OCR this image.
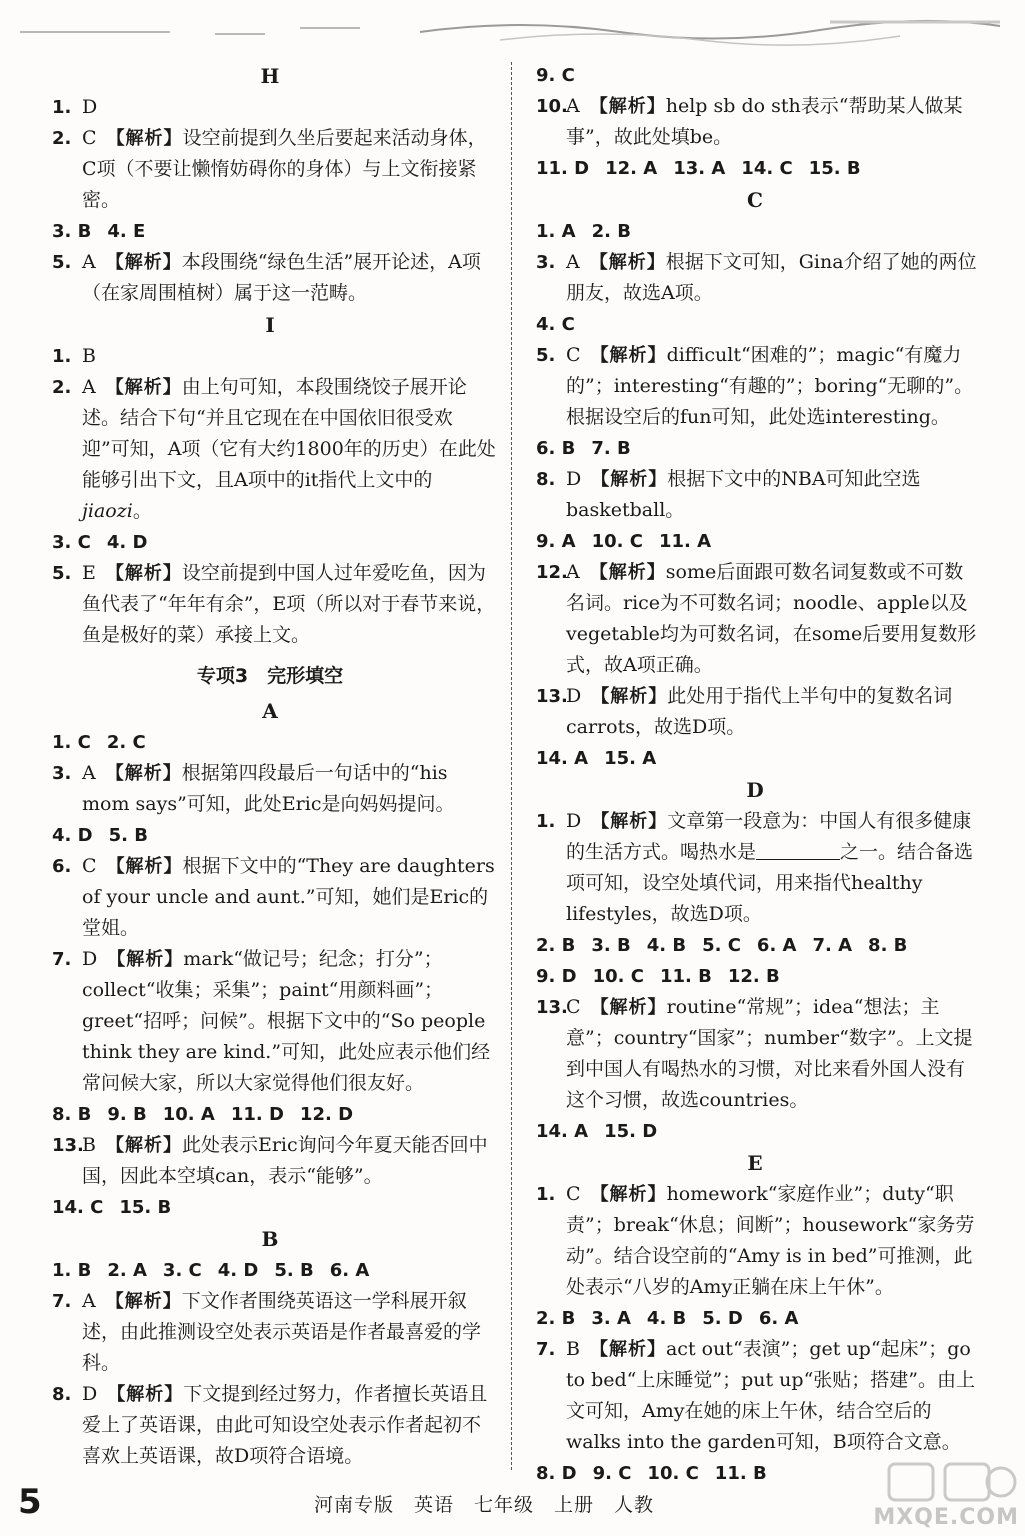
H

1. D

2. C　 【解析】设空前提到久坐后要起来活动身体，C项（不要让懒惰妨碍你的身体）与上文衔接紧密。

3. B 4. E

5. A　 【解析】本段围绕“绿色生活”展开论述，A项（在家周围植树）属于这一范畴。

I

1. B

2. A　 【解析】由上句可知，本段围绕饺子展开论述。结合下句“并且它现在在中国依旧很受欢迎”可知，A项（它有大约1800年的历史）在此处能够引出下文，且A项中的it指代上文中的jiaozi。

3. C 4. D

5. E　 【解析】设空前提到中国人过年爱吃鱼，因为鱼代表了“年年有余”，E项（所以对于春节来说，鱼是极好的菜）承接上文。

专项3　完形填空

A

1. C 2. C

3. A　 【解析】根据第四段最后一句话中的“his mom says”可知，此处Eric是向妈妈提问。

4. D 5. B

6. C　 【解析】根据下文中的“They are daughters of your uncle and aunt.”可知，她们是Eric的堂姐。

7. D　 【解析】mark“做记号；纪念；打分”；collect“收集；采集”；paint“用颜料画”；greet“招呼；问候”。根据下文中的“So people think they are kind.”可知，此处应表示他们经常问候大家，所以大家觉得他们很友好。

8. B 9. B 10. A 11. D 12. D

13.
B　 【解析】此处表示Eric询问今年夏天能否回中国，因此本空填can，表示“能够”。

14. C 15. B

B

1. B 2. A 3. C 4. D 5. B 6. A

7. A　 【解析】下文作者围绕英语这一学科展开叙述，由此推测设空处表示英语是作者最喜爱的学科。

8. D　 【解析】下文提到经过努力，作者擅长英语且爱上了英语课，由此可知设空处表示作者起初不喜欢上英语课，故D项符合语境。

9. C

10.
A　 【解析】help sb do sth表示“帮助某人做某事”，故此处填be。

11. D 12. A 13. A 14. C 15. B

C

1. A 2. B

3. A　 【解析】根据下文可知，Gina介绍了她的两位朋友，故选A项。

4. C

5. C　 【解析】difficult“困难的”；magic“有魔力的”；interesting“有趣的”；boring“无聊的”。根据设空后的fun可知，此处选interesting。

6. B 7. B

8. D　 【解析】根据下文中的NBA可知此空选basketball。

9. A 10. C 11. A

12.
A　 【解析】some后面跟可数名词复数或不可数名词。rice为不可数名词；noodle、apple以及vegetable均为可数名词，在some后要用复数形式，故A项正确。

13.
D　 【解析】此处用于指代上半句中的复数名词carrots，故选D项。

14. A 15. A

D

1. D　 【解析】文章第一段意为：中国人有很多健康的生活方式。喝热水是	之一。结合备选项可知，设空处填代词，用来指代healthy lifestyles，故选D项。

2. B 3. B 4. B 5. C 6. A 7. A 8. B
9. D 10. C 11. B 12. B

13.
C　 【解析】routine“常规”；idea“想法；主意”；country“国家”；number“数字”。上文提到中国人有喝热水的习惯，对比来看外国人没有这个习惯，故选countries。

14. A 15. D

E

1. C　 【解析】homework“家庭作业”；duty“职责”；break“休息；间断”；housework“家务劳动”。结合设空前的“Amy is in bed”可推测，此处表示“八岁的Amy正躺在床上午休”。

2. B 3. A 4. B 5. D 6. A

7. B　 【解析】act out“表演”；get up“起床”；go to bed“上床睡觉”；put up“张贴；搭建”。由上文可知，Amy在她的床上午休，结合空后的walks into the garden可知，B项符合文意。

8. D 9. C 10. C 11. B
5	河南专版　英语　七年级　上册　人教	MXQE.COM
